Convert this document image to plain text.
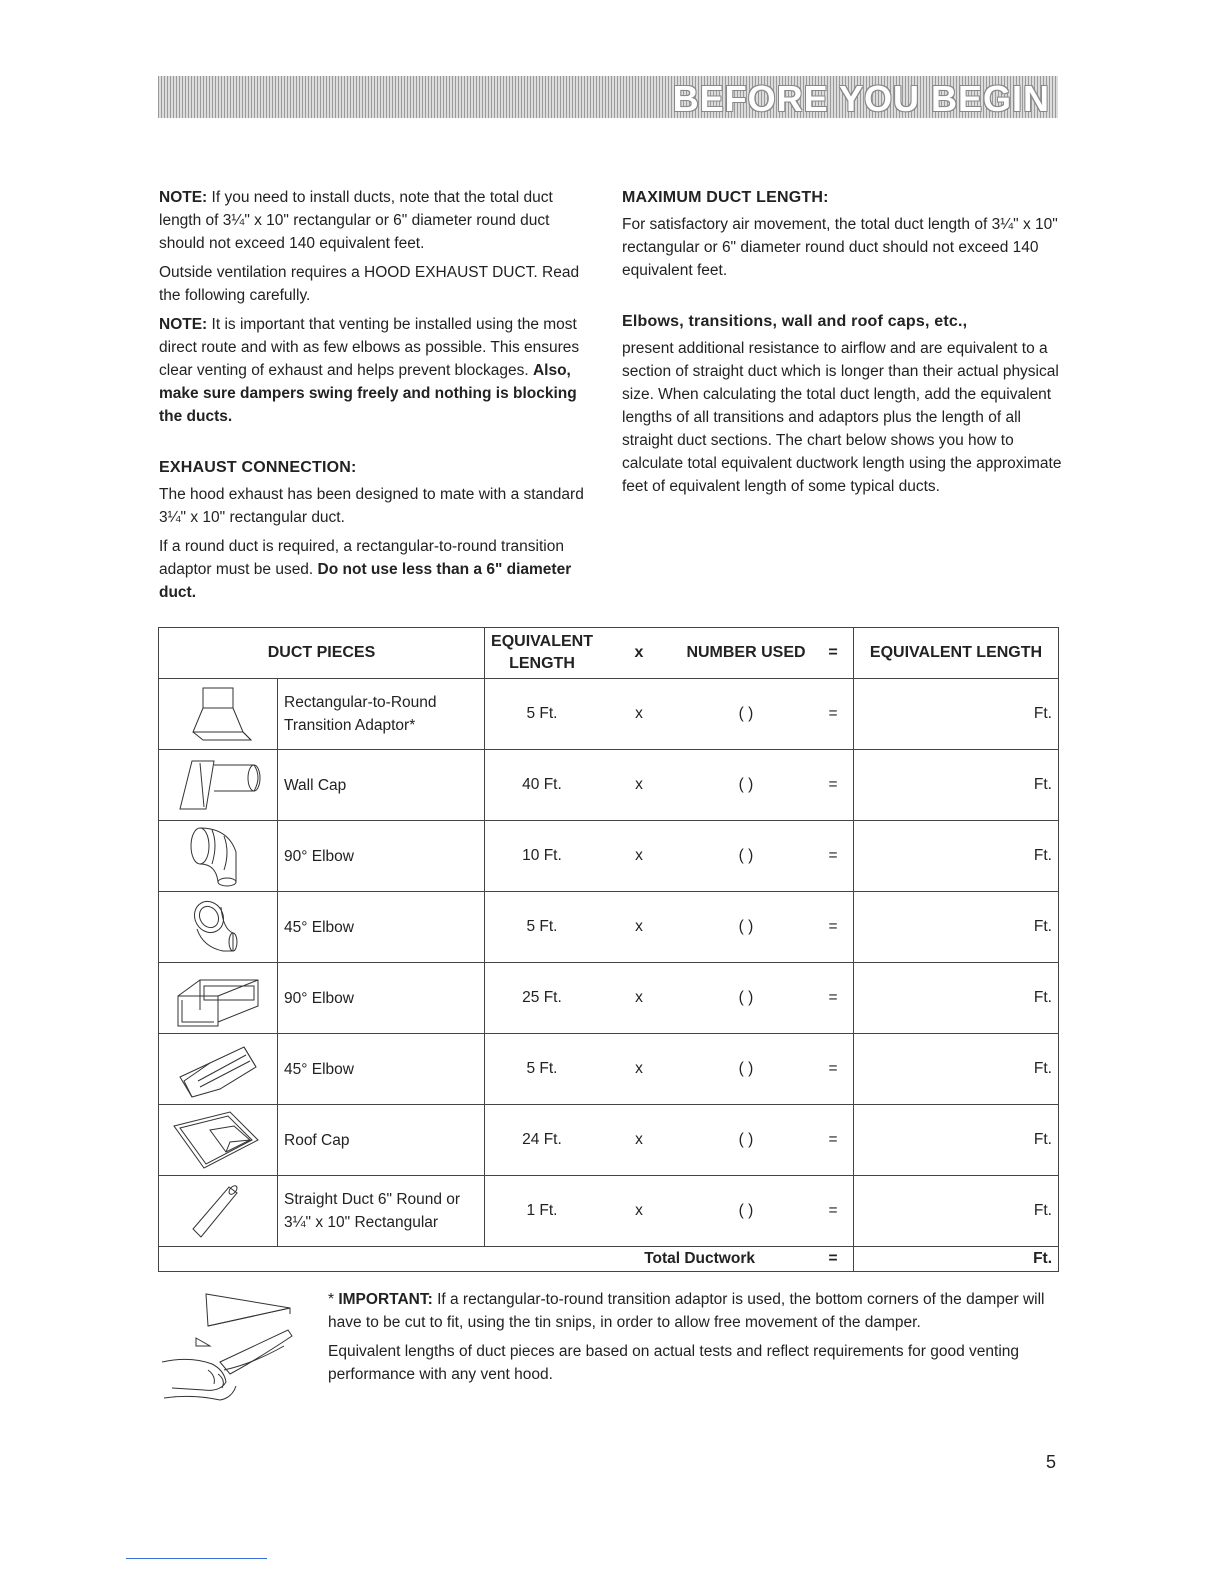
BEFORE YOU BEGIN

NOTE: If you need to install ducts, note that the total duct length of 3¼" x 10" rectangular or 6" diameter round duct should not exceed 140 equivalent feet.

Outside ventilation requires a HOOD EXHAUST DUCT. Read the following carefully.

NOTE: It is important that venting be installed using the most direct route and with as few elbows as possible. This ensures clear venting of exhaust and helps prevent blockages. Also, make sure dampers swing freely and nothing is blocking the ducts.

EXHAUST CONNECTION:

The hood exhaust has been designed to mate with a standard 3¼" x 10" rectangular duct.

If a round duct is required, a rectangular-to-round transition adaptor must be used. Do not use less than a 6" diameter duct.

MAXIMUM DUCT LENGTH:

For satisfactory air movement, the total duct length of 3¼" x 10" rectangular or 6" diameter round duct should not exceed 140 equivalent feet.

Elbows, transitions, wall and roof caps, etc.,

present additional resistance to airflow and are equivalent to a section of straight duct which is longer than their actual physical size. When calculating the total duct length, add the equivalent lengths of all transitions and adaptors plus the length of all straight duct sections. The chart below shows you how to calculate total equivalent ductwork length using the approximate feet of equivalent length of some typical ducts.

DUCT PIECES		EQUIVALENT LENGTH	x	NUMBER USED	=	EQUIVALENT LENGTH

	Rectangular-to-Round Transition Adaptor*	5 Ft.	x	( )	=	Ft.

	Wall Cap	40 Ft.	x	( )	=	Ft.

	90° Elbow	10 Ft.	x	( )	=	Ft.

	45° Elbow	5 Ft.	x	( )	=	Ft.

	90° Elbow	25 Ft.	x	( )	=	Ft.

	45° Elbow	5 Ft.	x	( )	=	Ft.

	Roof Cap	24 Ft.	x	( )	=	Ft.

	Straight Duct 6" Round or 3¼" x 10" Rectangular	1 Ft.	x	( )	=	Ft.
Total Ductwork					=	Ft.

* IMPORTANT: If a rectangular-to-round transition adaptor is used, the bottom corners of the damper will have to be cut to fit, using the tin snips, in order to allow free movement of the damper.

Equivalent lengths of duct pieces are based on actual tests and reflect requirements for good venting performance with any vent hood.

5
